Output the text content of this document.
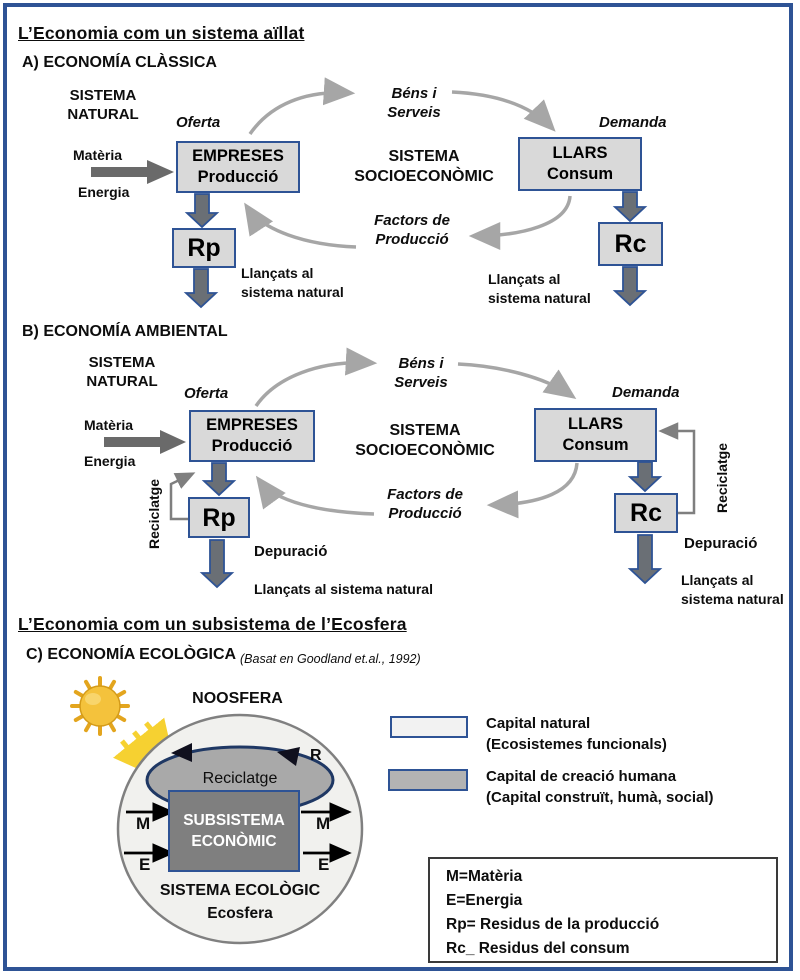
L’Economia com un sistema aïllat
A) ECONOMÍA CLÀSSICA
SISTEMA
NATURAL Oferta
Matèria
Energia
EMPRESES
Producció
SISTEMA
SOCIOECONÒMIC
Béns i
Serveis
Demanda
LLARS
Consum
Factors de
Producció
Rp	Rc
Llançats al
sistema natural
Llançats al
sistema natural
B) ECONOMÍA AMBIENTAL
SISTEMA
NATURAL
Oferta
Matèria
Energia
EMPRESES
Producció
SISTEMA
SOCIOECONÒMIC
Béns i
Serveis
Demanda
LLARS
Consum
Factors de
Producció
Rp	Rc
Reciclatge
Reciclatge
Depuració
Llançats al sistema natural
Depuració
Llançats al
sistema natural
L’Economia com un subsistema de l’Ecosfera
C) ECONOMÍA ECOLÒGICA (Basat en Goodland et.al., 1992)
NOOSFERA
Reciclatge
R
SUBSISTEMA
ECONÒMIC
M
E
M
E
SISTEMA ECOLÒGIC
Ecosfera
Capital natural
(Ecosistemes funcionals)
Capital de creació humana
(Capital construït, humà, social)
M=Matèria
E=Energia
Rp= Residus de la producció
Rc_ Residus del consum
